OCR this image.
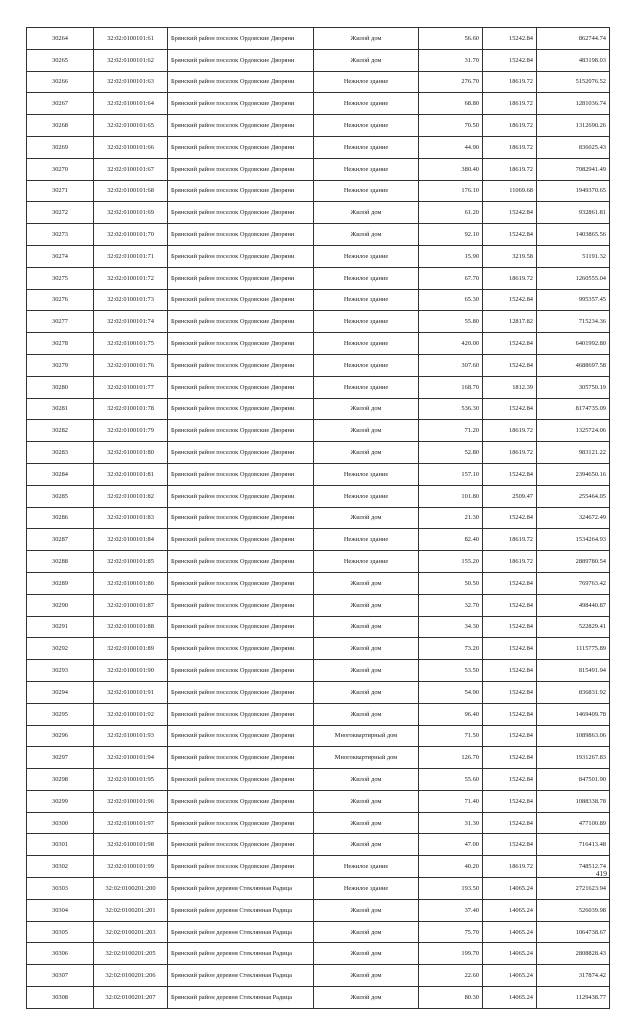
30264	32:02:0100101:61	Брянский район поселок Ордовские Дворяни	Жилой дом	56.60	15242.84	862744.74
30265	32:02:0100101:62	Брянский район поселок Ордовские Дворяни	Жилой дом	31.70	15242.84	483198.03
30266	32:02:0100101:63	Брянский район поселок Ордовские Дворяни	Нежилое здание	276.70	18619.72	5152076.52
30267	32:02:0100101:64	Брянский район поселок Ордовские Дворяни	Нежилое здание	68.80	18619.72	1281036.74
30268	32:02:0100101:65	Брянский район поселок Ордовские Дворяни	Нежилое здание	70.50	18619.72	1312690.26
30269	32:02:0100101:66	Брянский район поселок Ордовские Дворяни	Нежилое здание	44.90	18619.72	836025.43
30270	32:02:0100101:67	Брянский район поселок Ордовские Дворяни	Нежилое здание	380.40	18619.72	7082941.49
30271	32:02:0100101:68	Брянский район поселок Ордовские Дворяни	Нежилое здание	176.10	11069.68	1949370.65
30272	32:02:0100101:69	Брянский район поселок Ордовские Дворяни	Жилой дом	61.20	15242.84	932861.81
30273	32:02:0100101:70	Брянский район поселок Ордовские Дворяни	Жилой дом	92.10	15242.84	1403865.56
30274	32:02:0100101:71	Брянский район поселок Ордовские Дворяни	Нежилое здание	15.90	3219.58	51191.32
30275	32:02:0100101:72	Брянский район поселок Ордовские Дворяни	Нежилое здание	67.70	18619.72	1260555.04
30276	32:02:0100101:73	Брянский район поселок Ордовские Дворяни	Нежилое здание	65.30	15242.84	995357.45
30277	32:02:0100101:74	Брянский район поселок Ордовские Дворяни	Нежилое здание	55.80	12817.82	715234.36
30278	32:02:0100101:75	Брянский район поселок Ордовские Дворяни	Нежилое здание	420.00	15242.84	6401992.80
30279	32:02:0100101:76	Брянский район поселок Ордовские Дворяни	Нежилое здание	307.60	15242.84	4688697.58
30280	32:02:0100101:77	Брянский район поселок Ордовские Дворяни	Нежилое здание	168.70	1812.39	305750.19
30281	32:02:0100101:78	Брянский район поселок Ордовские Дворяни	Жилой дом	536.30	15242.84	8174735.09
30282	32:02:0100101:79	Брянский район поселок Ордовские Дворяни	Жилой дом	71.20	18619.72	1325724.06
30283	32:02:0100101:80	Брянский район поселок Ордовские Дворяни	Жилой дом	52.80	18619.72	983121.22
30284	32:02:0100101:81	Брянский район поселок Ордовские Дворяни	Нежилое здание	157.10	15242.84	2394650.16
30285	32:02:0100101:82	Брянский район поселок Ордовские Дворяни	Нежилое здание	101.80	2509.47	255464.05
30286	32:02:0100101:83	Брянский район поселок Ордовские Дворяни	Жилой дом	21.30	15242.84	324672.49
30287	32:02:0100101:84	Брянский район поселок Ордовские Дворяни	Нежилое здание	82.40	18619.72	1534264.93
30288	32:02:0100101:85	Брянский район поселок Ордовские Дворяни	Нежилое здание	155.20	18619.72	2889780.54
30289	32:02:0100101:86	Брянский район поселок Ордовские Дворяни	Жилой дом	50.50	15242.84	769763.42
30290	32:02:0100101:87	Брянский район поселок Ордовские Дворяни	Жилой дом	32.70	15242.84	498440.87
30291	32:02:0100101:88	Брянский район поселок Ордовские Дворяни	Жилой дом	34.30	15242.84	522829.41
30292	32:02:0100101:89	Брянский район поселок Ордовские Дворяни	Жилой дом	73.20	15242.84	1115775.89
30293	32:02:0100101:90	Брянский район поселок Ордовские Дворяни	Жилой дом	53.50	15242.84	815491.94
30294	32:02:0100101:91	Брянский район поселок Ордовские Дворяни	Жилой дом	54.90	15242.84	836831.92
30295	32:02:0100101:92	Брянский район поселок Ордовские Дворяни	Жилой дом	96.40	15242.84	1469409.78
30296	32:02:0100101:93	Брянский район поселок Ордовские Дворяни	Многоквартирный дом	71.50	15242.84	1089863.06
30297	32:02:0100101:94	Брянский район поселок Ордовские Дворяни	Многоквартирный дом	126.70	15242.84	1931267.83
30298	32:02:0100101:95	Брянский район поселок Ордовские Дворяни	Жилой дом	55.60	15242.84	847501.90
30299	32:02:0100101:96	Брянский район поселок Ордовские Дворяни	Жилой дом	71.40	15242.84	1088338.78
30300	32:02:0100101:97	Брянский район поселок Ордовские Дворяни	Жилой дом	31.30	15242.84	477100.89
30301	32:02:0100101:98	Брянский район поселок Ордовские Дворяни	Жилой дом	47.00	15242.84	716413.48
30302	32:02:0100101:99	Брянский район поселок Ордовские Дворяни	Нежилое здание	40.20	18619.72	748512.74
30303	32:02:0100201:200	Брянский район деревня Стеклянная Радица	Нежилое здание	193.50	14065.24	2721623.94
30304	32:02:0100201:201	Брянский район деревня Стеклянная Радица	Жилой дом	37.40	14065.24	526039.98
30305	32:02:0100201:203	Брянский район деревня Стеклянная Радица	Жилой дом	75.70	14065.24	1064738.67
30306	32:02:0100201:205	Брянский район деревня Стеклянная Радица	Жилой дом	199.70	14065.24	2808828.43
30307	32:02:0100201:206	Брянский район деревня Стеклянная Радица	Жилой дом	22.60	14065.24	317874.42
30308	32:02:0100201:207	Брянский район деревня Стеклянная Радица	Жилой дом	80.30	14065.24	1129438.77
419
